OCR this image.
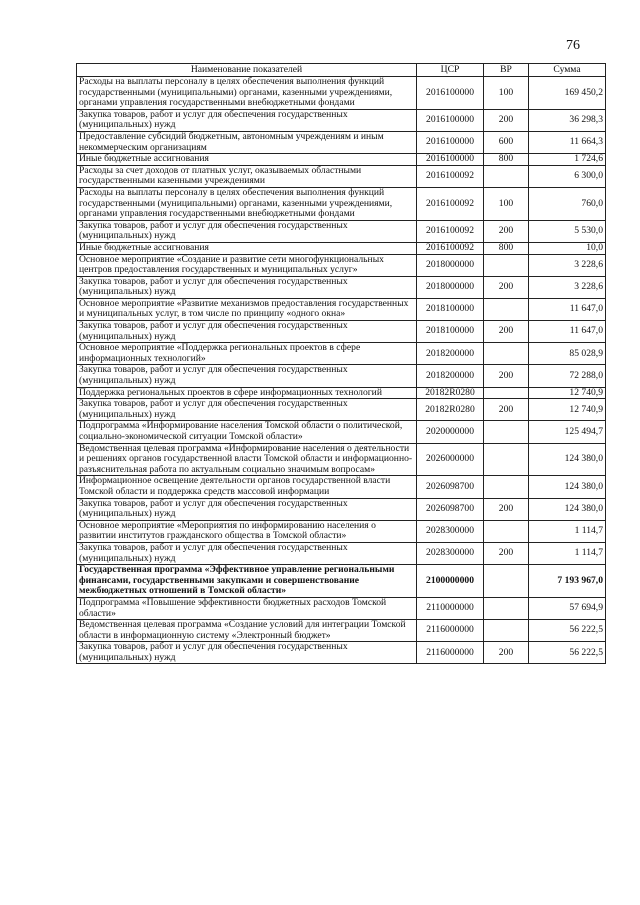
76
Наименование показателей	ЦСР	ВР	Сумма
Расходы на выплаты персоналу в целях обеспечения выполнения функций государственными (муниципальными) органами, казенными учреждениями, органами управления государственными внебюджетными фондами	2016100000	100	169 450,2
Закупка товаров, работ и услуг для обеспечения государственных (муниципальных) нужд	2016100000	200	36 298,3
Предоставление субсидий бюджетным, автономным учреждениям и иным некоммерческим организациям	2016100000	600	11 664,3
Иные бюджетные ассигнования	2016100000	800	1 724,6
Расходы за счет доходов от платных услуг, оказываемых областными государственными казенными учреждениями	2016100092		6 300,0
Расходы на выплаты персоналу в целях обеспечения выполнения функций государственными (муниципальными) органами, казенными учреждениями, органами управления государственными внебюджетными фондами	2016100092	100	760,0
Закупка товаров, работ и услуг для обеспечения государственных (муниципальных) нужд	2016100092	200	5 530,0
Иные бюджетные ассигнования	2016100092	800	10,0
Основное мероприятие «Создание и развитие сети многофункциональных центров предоставления государственных и муниципальных услуг»	2018000000		3 228,6
Закупка товаров, работ и услуг для обеспечения государственных (муниципальных) нужд	2018000000	200	3 228,6
Основное мероприятие «Развитие механизмов предоставления государственных и муниципальных услуг, в том числе по принципу «одного окна»	2018100000		11 647,0
Закупка товаров, работ и услуг для обеспечения государственных (муниципальных) нужд	2018100000	200	11 647,0
Основное мероприятие «Поддержка региональных проектов в сфере информационных технологий»	2018200000		85 028,9
Закупка товаров, работ и услуг для обеспечения государственных (муниципальных) нужд	2018200000	200	72 288,0
Поддержка региональных проектов в сфере информационных технологий	20182R0280		12 740,9
Закупка товаров, работ и услуг для обеспечения государственных (муниципальных) нужд	20182R0280	200	12 740,9
Подпрограмма «Информирование населения Томской области о политической, социально-экономической ситуации Томской области»	2020000000		125 494,7
Ведомственная целевая программа «Информирование населения о деятельности и решениях органов государственной власти Томской области и информационно-разъяснительная работа по актуальным социально значимым вопросам»	2026000000		124 380,0
Информационное освещение деятельности органов государственной власти Томской области и поддержка средств массовой информации	2026098700		124 380,0
Закупка товаров, работ и услуг для обеспечения государственных (муниципальных) нужд	2026098700	200	124 380,0
Основное мероприятие «Мероприятия по информированию населения о развитии институтов гражданского общества в Томской области»	2028300000		1 114,7
Закупка товаров, работ и услуг для обеспечения государственных (муниципальных) нужд	2028300000	200	1 114,7
Государственная программа «Эффективное управление региональными финансами, государственными закупками и совершенствование межбюджетных отношений в Томской области»	2100000000		7 193 967,0
Подпрограмма «Повышение эффективности бюджетных расходов Томской области»	2110000000		57 694,9
Ведомственная целевая программа «Создание условий для интеграции Томской области в информационную систему «Электронный бюджет»	2116000000		56 222,5
Закупка товаров, работ и услуг для обеспечения государственных (муниципальных) нужд	2116000000	200	56 222,5
